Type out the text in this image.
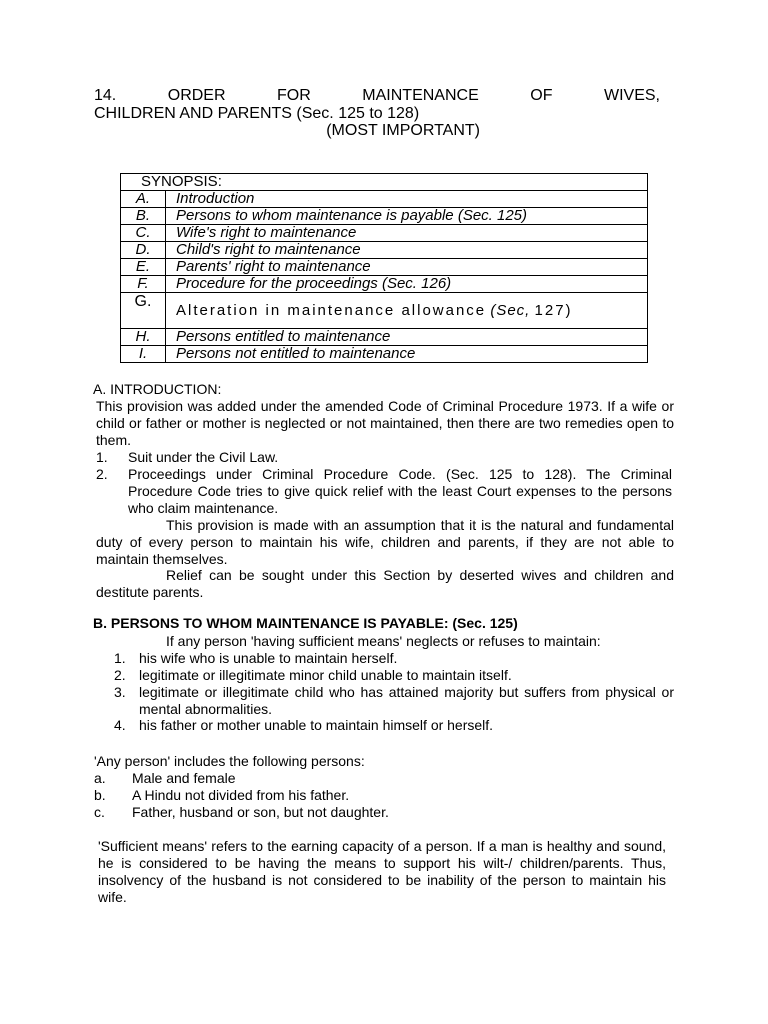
14. ORDER FOR MAINTENANCE OF WIVES,
CHILDREN AND PARENTS (Sec. 125 to 128)
(MOST IMPORTANT)
SYNOPSIS:	
A.	Introduction
B.	Persons to whom maintenance is payable (Sec. 125)
C.	Wife's right to maintenance
D.	Child's right to maintenance
E.	Parents' right to maintenance
F.	Procedure for the proceedings (Sec. 126)
G.	Alteration in maintenance allowance (Sec, 127)
H.	Persons entitled to maintenance
I.	Persons not entitled to maintenance
A. INTRODUCTION:
This provision was added under the amended Code of Criminal Procedure 1973. If a wife or child or father or mother is neglected or not maintained, then there are two remedies open to them.
1. Suit under the Civil Law.
2. Proceedings under Criminal Procedure Code. (Sec. 125 to 128). The Criminal Procedure Code tries to give quick relief with the least Court expenses to the persons who claim maintenance.
This provision is made with an assumption that it is the natural and fundamental duty of every person to maintain his wife, children and parents, if they are not able to maintain themselves.
Relief can be sought under this Section by deserted wives and children and destitute parents.
B. PERSONS TO WHOM MAINTENANCE IS PAYABLE: (Sec. 125)
If any person 'having sufficient means' neglects or refuses to maintain:
1. his wife who is unable to maintain herself.
2. legitimate or illegitimate minor child unable to maintain itself.
3. legitimate or illegitimate child who has attained majority but suffers from physical or mental abnormalities.
4. his father or mother unable to maintain himself or herself.
'Any person' includes the following persons:
a. Male and female
b. A Hindu not divided from his father.
c. Father, husband or son, but not daughter.
'Sufficient means' refers to the earning capacity of a person. If a man is healthy and sound, he is considered to be having the means to support his wilt-/ children/parents. Thus, insolvency of the husband is not considered to be inability of the person to maintain his wife.
